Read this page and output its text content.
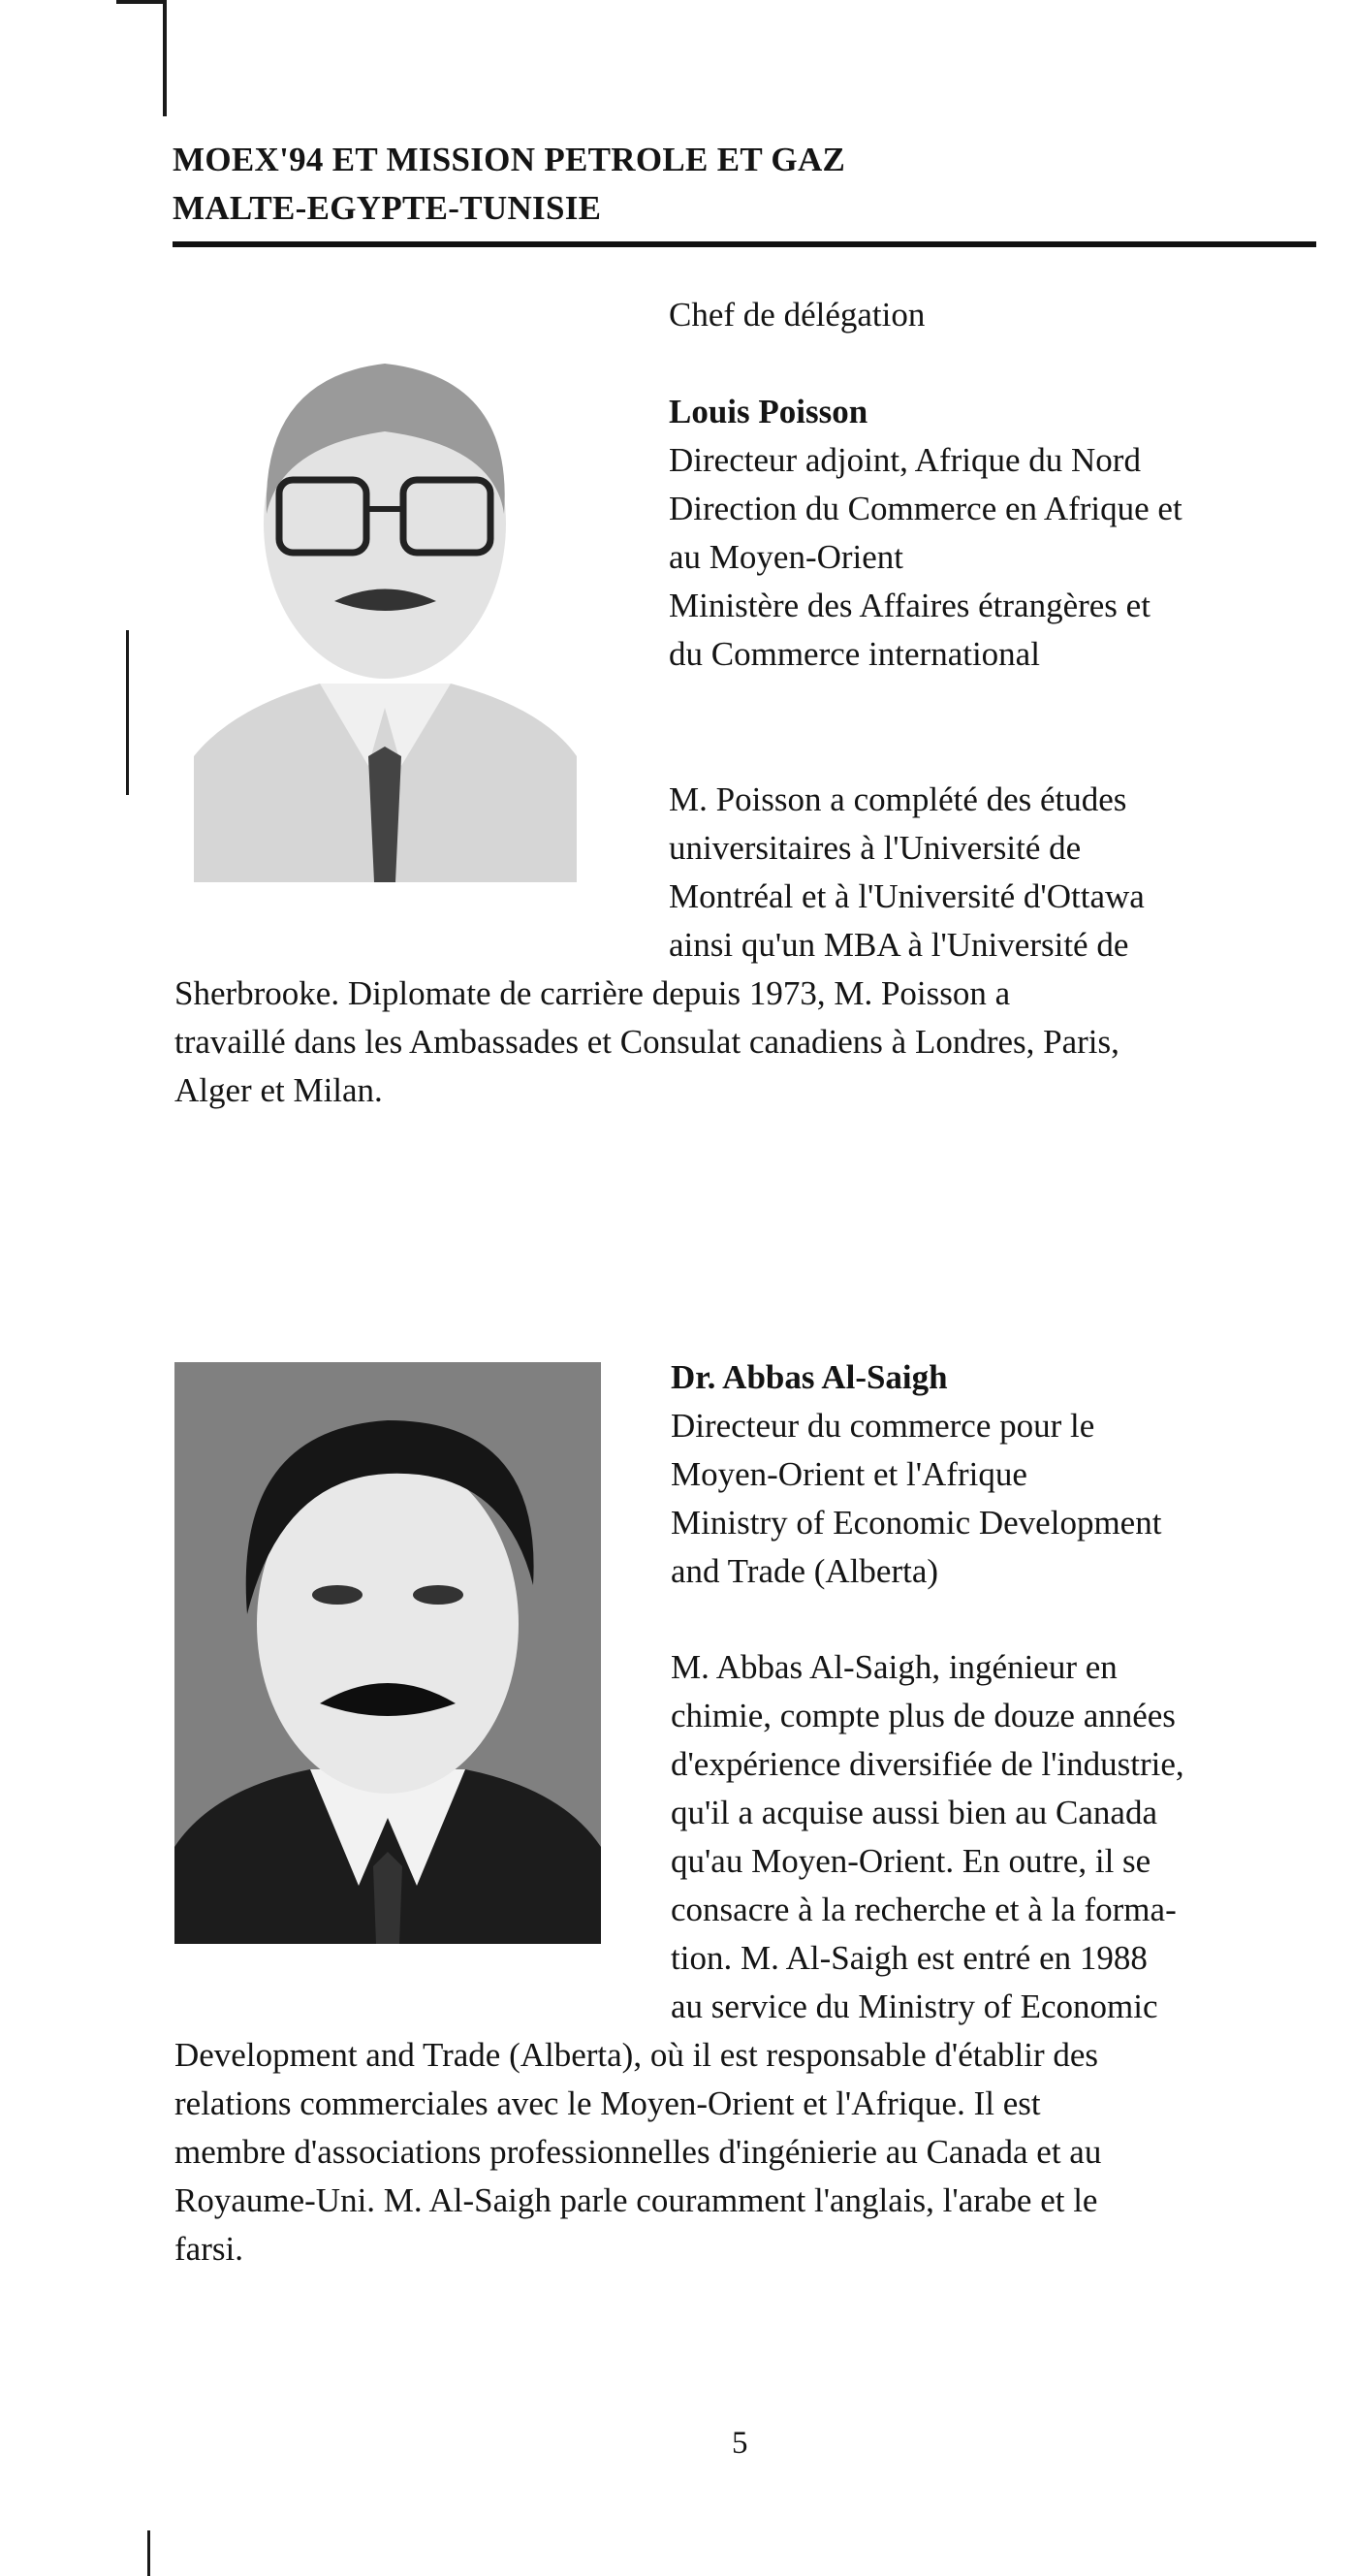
MOEX'94 ET MISSION PETROLE ET GAZ
MALTE-EGYPTE-TUNISIE

Chef de délégation

Louis Poisson

Directeur adjoint, Afrique du Nord

Direction du Commerce en Afrique et

au Moyen-Orient

Ministère des Affaires étrangères et

du Commerce international

M. Poisson a complété des études

universitaires à l'Université de

Montréal et à l'Université d'Ottawa

ainsi qu'un MBA à l'Université de

Sherbrooke. Diplomate de carrière depuis 1973, M. Poisson a

travaillé dans les Ambassades et Consulat canadiens à Londres, Paris,

Alger et Milan.

Dr. Abbas Al-Saigh

Directeur du commerce pour le

Moyen-Orient et l'Afrique

Ministry of Economic Development

and Trade (Alberta)

M. Abbas Al-Saigh, ingénieur en

chimie, compte plus de douze années

d'expérience diversifiée de l'industrie,

qu'il a acquise aussi bien au Canada

qu'au Moyen-Orient. En outre, il se

consacre à la recherche et à la forma-

tion. M. Al-Saigh est entré en 1988

au service du Ministry of Economic

Development and Trade (Alberta), où il est responsable d'établir des

relations commerciales avec le Moyen-Orient et l'Afrique. Il est

membre d'associations professionnelles d'ingénierie au Canada et au

Royaume-Uni. M. Al-Saigh parle couramment l'anglais, l'arabe et le

farsi.

5
